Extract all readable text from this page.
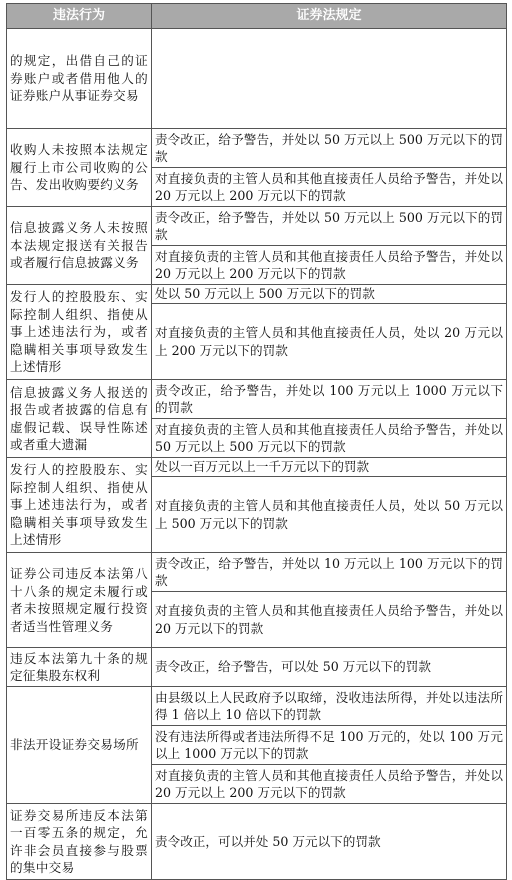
违法行为	证券法规定
的规定，出借自己的证券账户或者借用他人的证券账户从事证券交易	
收购人未按照本法规定履行上市公司收购的公告、发出收购要约义务	责令改正，给予警告，并处以 50 万元以上 500 万元以下的罚款
	对直接负责的主管人员和其他直接责任人员给予警告，并处以 20 万元以上 200 万元以下的罚款
信息披露义务人未按照本法规定报送有关报告或者履行信息披露义务	责令改正，给予警告，并处以 50 万元以上 500 万元以下的罚款
	对直接负责的主管人员和其他直接责任人员给予警告，并处以 20 万元以上 200 万元以下的罚款
发行人的控股股东、实际控制人组织、指使从事上述违法行为，或者隐瞒相关事项导致发生上述情形	处以 50 万元以上 500 万元以下的罚款
	对直接负责的主管人员和其他直接责任人员，处以 20 万元以上 200 万元以下的罚款
信息披露义务人报送的报告或者披露的信息有虚假记载、误导性陈述或者重大遗漏	责令改正，给予警告，并处以 100 万元以上 1000 万元以下的罚款
	对直接负责的主管人员和其他直接责任人员给予警告，并处以 50 万元以上 500 万元以下的罚款
发行人的控股股东、实际控制人组织、指使从事上述违法行为，或者隐瞒相关事项导致发生上述情形	处以一百万元以上一千万元以下的罚款
	对直接负责的主管人员和其他直接责任人员，处以 50 万元以上 500 万元以下的罚款
证券公司违反本法第八十八条的规定未履行或者未按照规定履行投资者适当性管理义务	责令改正，给予警告，并处以 10 万元以上 100 万元以下的罚款
	对直接负责的主管人员和其他直接责任人员给予警告，并处以 20 万元以下的罚款
违反本法第九十条的规定征集股东权利	责令改正，给予警告，可以处 50 万元以下的罚款
非法开设证券交易场所	由县级以上人民政府予以取缔，没收违法所得，并处以违法所得 1 倍以上 10 倍以下的罚款
	没有违法所得或者违法所得不足 100 万元的，处以 100 万元以上 1000 万元以下的罚款
	对直接负责的主管人员和其他直接责任人员给予警告，并处以 20 万元以上 200 万元以下的罚款
证券交易所违反本法第一百零五条的规定，允许非会员直接参与股票的集中交易	责令改正，可以并处 50 万元以下的罚款
